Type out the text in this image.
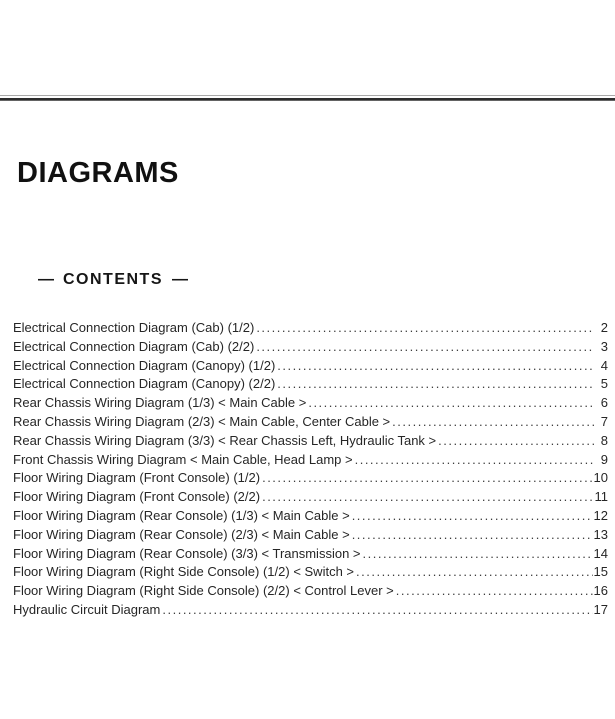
DIAGRAMS
— CONTENTS —
Electrical Connection Diagram (Cab) (1/2) .....	2
Electrical Connection Diagram (Cab) (2/2) .....	3
Electrical Connection Diagram (Canopy) (1/2) .....	4
Electrical Connection Diagram (Canopy) (2/2) .....	5
Rear Chassis Wiring Diagram (1/3) < Main Cable > .....	6
Rear Chassis Wiring Diagram (2/3) < Main Cable, Center Cable > .....	7
Rear Chassis Wiring Diagram (3/3) < Rear Chassis Left, Hydraulic Tank > .....	8
Front Chassis Wiring Diagram < Main Cable, Head Lamp > .....	9
Floor Wiring Diagram (Front Console) (1/2) .....	10
Floor Wiring Diagram (Front Console) (2/2) .....	11
Floor Wiring Diagram (Rear Console) (1/3) < Main Cable > .....	12
Floor Wiring Diagram (Rear Console) (2/3) < Main Cable > .....	13
Floor Wiring Diagram (Rear Console) (3/3) < Transmission > .....	14
Floor Wiring Diagram (Right Side Console) (1/2) < Switch > .....	15
Floor Wiring Diagram (Right Side Console) (2/2) < Control Lever > .....	16
Hydraulic Circuit Diagram .....	17
